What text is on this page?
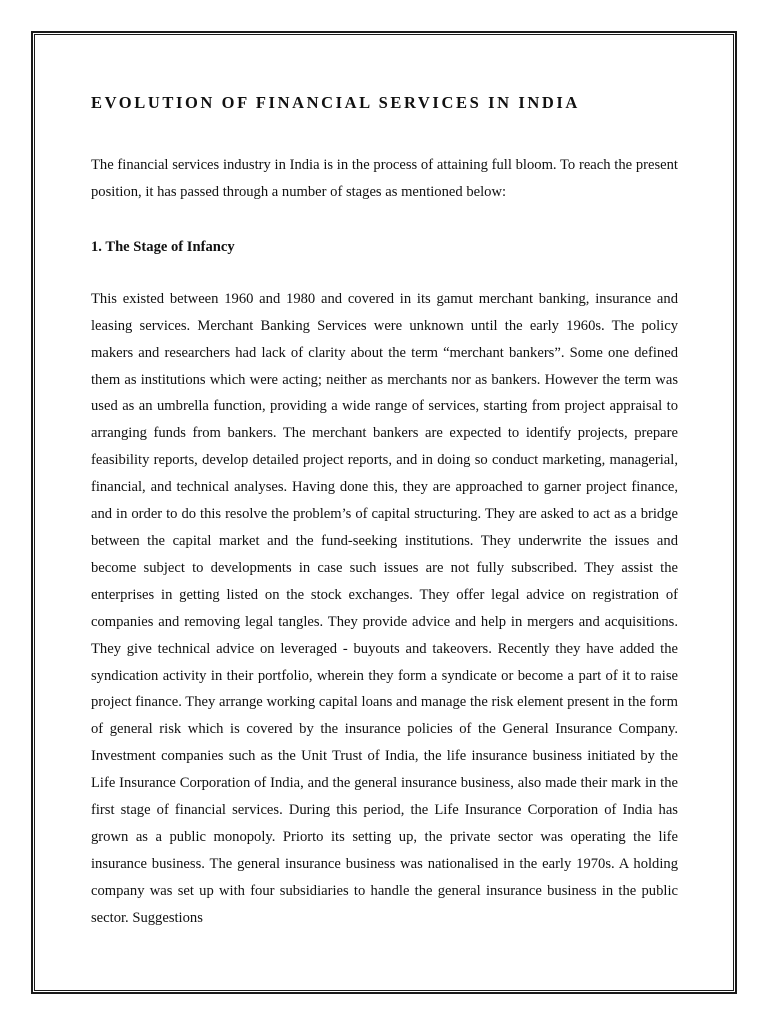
EVOLUTION OF FINANCIAL SERVICES IN INDIA

The financial services industry in India is in the process of attaining full bloom. To reach the present position, it has passed through a number of stages as mentioned below:

1. The Stage of Infancy

This existed between 1960 and 1980 and covered in its gamut merchant banking, insurance and leasing services. Merchant Banking Services were unknown until the early 1960s. The policy makers and researchers had lack of clarity about the term “merchant bankers”. Some one defined them as institutions which were acting; neither as merchants nor as bankers. However the term was used as an umbrella function, providing a wide range of services, starting from project appraisal to arranging funds from bankers. The merchant bankers are expected to identify projects, prepare feasibility reports, develop detailed project reports, and in doing so conduct marketing, managerial, financial, and technical analyses. Having done this, they are approached to garner project finance, and in order to do this resolve the problem’s of capital structuring. They are asked to act as a bridge between the capital market and the fund-seeking institutions. They underwrite the issues and become subject to developments in case such issues are not fully subscribed. They assist the enterprises in getting listed on the stock exchanges. They offer legal advice on registration of companies and removing legal tangles. They provide advice and help in mergers and acquisitions. They give technical advice on leveraged - buyouts and takeovers. Recently they have added the syndication activity in their portfolio, wherein they form a syndicate or become a part of it to raise project finance. They arrange working capital loans and manage the risk element present in the form of general risk which is covered by the insurance policies of the General Insurance Company. Investment companies such as the Unit Trust of India, the life insurance business initiated by the Life Insurance Corporation of India, and the general insurance business, also made their mark in the first stage of financial services. During this period, the Life Insurance Corporation of India has grown as a public monopoly. Priorto its setting up, the private sector was operating the life insurance business. The general insurance business was nationalised in the early 1970s. A holding company was set up with four subsidiaries to handle the general insurance business in the public sector. Suggestions
